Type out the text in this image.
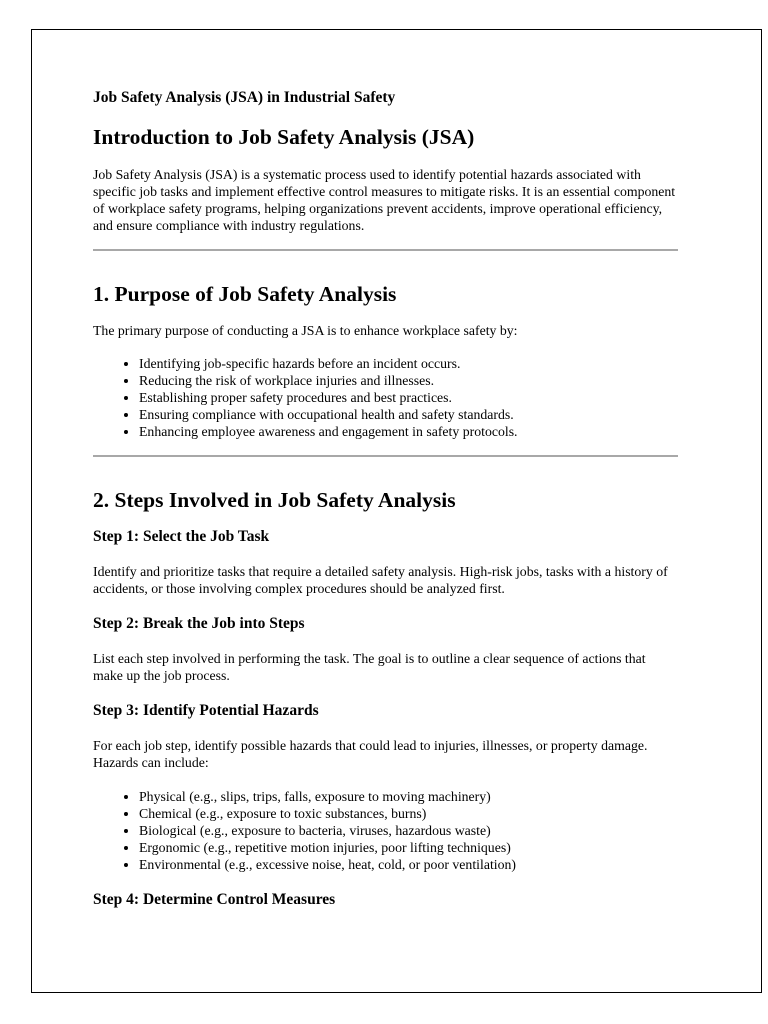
Job Safety Analysis (JSA) in Industrial Safety
Introduction to Job Safety Analysis (JSA)

Job Safety Analysis (JSA) is a systematic process used to identify potential hazards associated with specific job tasks and implement effective control measures to mitigate risks. It is an essential component of workplace safety programs, helping organizations prevent accidents, improve operational efficiency, and ensure compliance with industry regulations.

1. Purpose of Job Safety Analysis

The primary purpose of conducting a JSA is to enhance workplace safety by:

• Identifying job-specific hazards before an incident occurs.
• Reducing the risk of workplace injuries and illnesses.
• Establishing proper safety procedures and best practices.
• Ensuring compliance with occupational health and safety standards.
• Enhancing employee awareness and engagement in safety protocols.
2. Steps Involved in Job Safety Analysis
Step 1: Select the Job Task

Identify and prioritize tasks that require a detailed safety analysis. High-risk jobs, tasks with a history of accidents, or those involving complex procedures should be analyzed first.

Step 2: Break the Job into Steps

List each step involved in performing the task. The goal is to outline a clear sequence of actions that make up the job process.

Step 3: Identify Potential Hazards

For each job step, identify possible hazards that could lead to injuries, illnesses, or property damage. Hazards can include:

• Physical (e.g., slips, trips, falls, exposure to moving machinery)
• Chemical (e.g., exposure to toxic substances, burns)
• Biological (e.g., exposure to bacteria, viruses, hazardous waste)
• Ergonomic (e.g., repetitive motion injuries, poor lifting techniques)
• Environmental (e.g., excessive noise, heat, cold, or poor ventilation)
Step 4: Determine Control Measures
